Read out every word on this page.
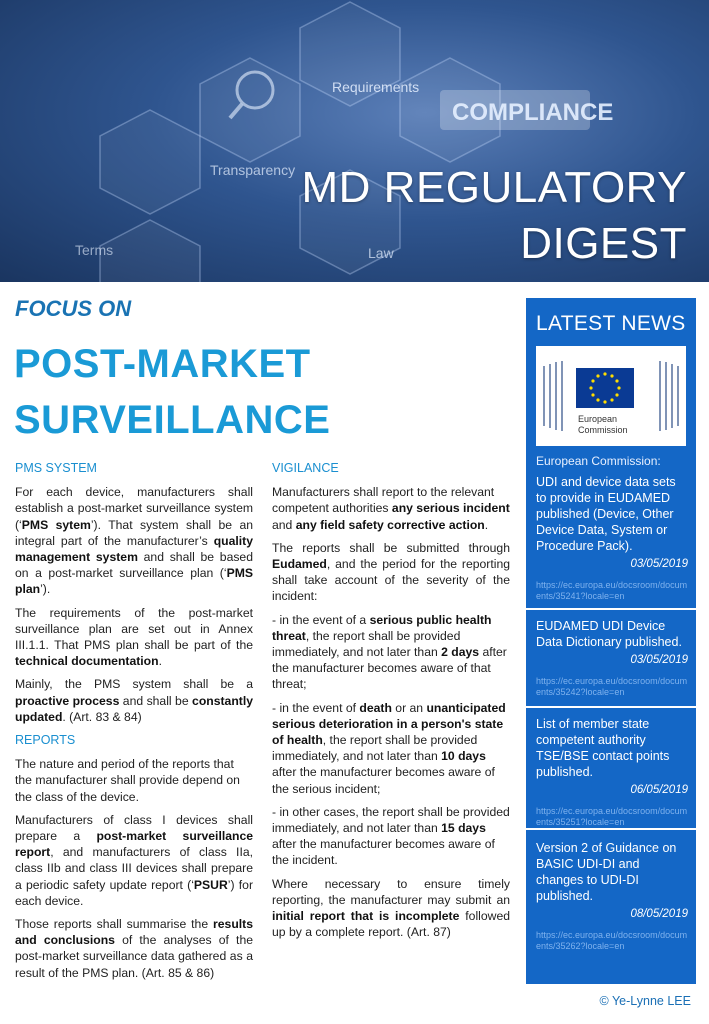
COMPLIANCE
Requirements
Transparency
Terms	Law
MD REGULATORY
DIGEST
FOCUS ON
POST-MARKET
SURVEILLANCE
PMS SYSTEM

For each device, manufacturers shall establish a post-market surveillance system (‘PMS sytem’). That system shall be an integral part of the manufacturer’s quality management system and shall be based on a post-market surveillance plan (‘PMS plan’).

The requirements of the post-market surveillance plan are set out in Annex III.1.1. That PMS plan shall be part of the technical documentation.

Mainly, the PMS system shall be a proactive process and shall be constantly updated. (Art. 83 & 84)

REPORTS

The nature and period of the reports that the manufacturer shall provide depend on the class of the device.

Manufacturers of class I devices shall prepare a post-market surveillance report, and manufacturers of class IIa, class IIb and class III devices shall prepare a periodic safety update report (‘PSUR’) for each device.

Those reports shall summarise the results and conclusions of the analyses of the post-market surveillance data gathered as a result of the PMS plan. (Art. 85 & 86)

VIGILANCE

Manufacturers shall report to the relevant competent authorities any serious incident and any field safety corrective action.

The reports shall be submitted through Eudamed, and the period for the reporting shall take account of the severity of the incident:

- in the event of a serious public health threat, the report shall be provided immediately, and not later than 2 days after the manufacturer becomes aware of that threat;

- in the event of death or an unanticipated serious deterioration in a person's state of health, the report shall be provided immediately, and not later than 10 days after the manufacturer becomes aware of the serious incident;

- in other cases, the report shall be provided immediately, and not later than 15 days after the manufacturer becomes aware of the incident.

Where necessary to ensure timely reporting, the manufacturer may submit an initial report that is incomplete followed up by a complete report. (Art. 87)

LATEST NEWS
European
Commission
European Commission:
UDI and device data sets to provide in EUDAMED published (Device, Other Device Data, System or Procedure Pack).
03/05/2019
https://ec.europa.eu/docsroom/documents/35241?locale=en
EUDAMED UDI Device Data Dictionary published.
03/05/2019
https://ec.europa.eu/docsroom/documents/35242?locale=en
List of member state competent authority TSE/BSE contact points published.
06/05/2019
https://ec.europa.eu/docsroom/documents/35251?locale=en
Version 2 of Guidance on BASIC UDI-DI and changes to UDI-DI published.
08/05/2019
https://ec.europa.eu/docsroom/documents/35262?locale=en
© Ye-Lynne LEE
